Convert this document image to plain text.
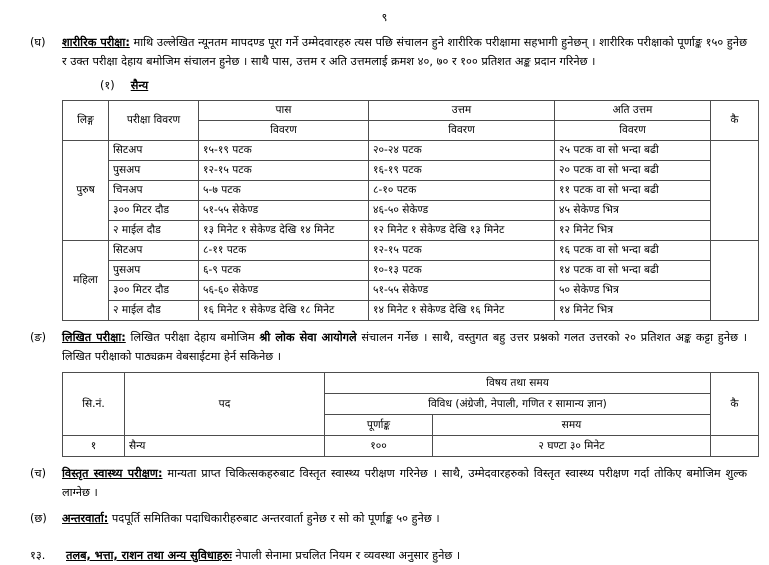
९
(घ)	शारीरिक परीक्षा: माथि उल्लेखित न्यूनतम मापदण्ड पूरा गर्ने उम्मेदवारहरु त्यस पछि संचालन हुने शारीरिक परीक्षामा सहभागी हुनेछन् । शारीरिक परीक्षाको पूर्णाङ्क १५० हुनेछ र उक्त परीक्षा देहाय बमोजिम संचालन हुनेछ । साथै पास, उत्तम र अति उत्तमलाई क्रमश ४०, ७० र १०० प्रतिशत अङ्क प्रदान गरिनेछ ।
(१) सैन्य
लिङ्ग	परीक्षा विवरण	पास	उत्तम	अति उत्तम	कै
		विवरण	विवरण	विवरण	
पुरुष	सिटअप	१५-१९ पटक	२०-२४ पटक	२५ पटक वा सो भन्दा बढी	
	पुसअप	१२-१५ पटक	१६-१९ पटक	२० पटक वा सो भन्दा बढी	
	चिनअप	५-७ पटक	८-१० पटक	११ पटक वा सो भन्दा बढी	
	३०० मिटर दौड	५१-५५ सेकेण्ड	४६-५० सेकेण्ड	४५ सेकेण्ड भित्र	
	२ माईल दौड	१३ मिनेट १ सेकेण्ड देखि १४ मिनेट	१२ मिनेट १ सेकेण्ड देखि १३ मिनेट	१२ मिनेट भित्र	
महिला	सिटअप	८-११ पटक	१२-१५ पटक	१६ पटक वा सो भन्दा बढी	
	पुसअप	६-९ पटक	१०-१३ पटक	१४ पटक वा सो भन्दा बढी	
	३०० मिटर दौड	५६-६० सेकेण्ड	५१-५५ सेकेण्ड	५० सेकेण्ड भित्र	
	२ माईल दौड	१६ मिनेट १ सेकेण्ड देखि १८ मिनेट	१४ मिनेट १ सेकेण्ड देखि १६ मिनेट	१४ मिनेट भित्र	
(ङ)	लिखित परीक्षा: लिखित परीक्षा देहाय बमोजिम श्री लोक सेवा आयोगले संचालन गर्नेछ । साथै, वस्तुगत बहु उत्तर प्रश्नको गलत उत्तरको २० प्रतिशत अङ्क कट्टा हुनेछ । लिखित परीक्षाको पाठ्यक्रम वेबसाईटमा हेर्न सकिनेछ ।
सि.नं.	पद	विषय तथा समय		कै
		विविध (अंग्रेजी, नेपाली, गणित र सामान्य ज्ञान)		
		पूर्णाङ्क	समय	
१	सैन्य	१००	२ घण्टा ३० मिनेट	
(च)	विस्तृत स्वास्थ्य परीक्षण: मान्यता प्राप्त चिकित्सकहरुबाट विस्तृत स्वास्थ्य परीक्षण गरिनेछ । साथै, उम्मेदवारहरुको विस्तृत स्वास्थ्य परीक्षण गर्दा तोकिए बमोजिम शुल्क लाग्नेछ ।
(छ)	अन्तरवार्ता: पदपूर्ति समितिका पदाधिकारीहरुबाट अन्तरवार्ता हुनेछ र सो को पूर्णाङ्क ५० हुनेछ ।
१३.	तलब, भत्ता, राशन तथा अन्य सुविधाहरुः नेपाली सेनामा प्रचलित नियम र व्यवस्था अनुसार हुनेछ ।
